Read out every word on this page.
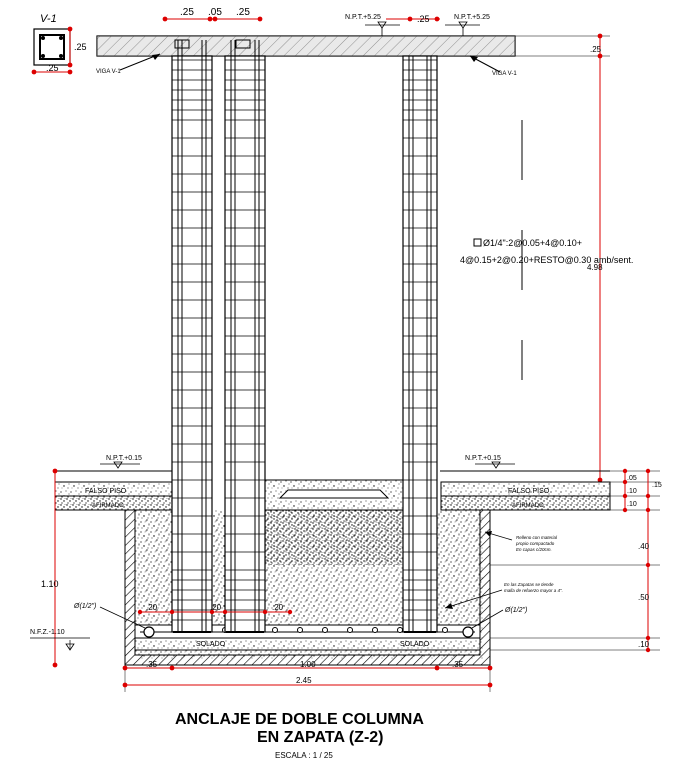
V-1
.25
.25	VIGA V-1	VIGA V-1
.25 .05 .25
.25
N.P.T.+5.25	N.P.T.+5.25
.25
4.98
Ø1/4":2@0.05+4@0.10+
4@0.15+2@0.20+RESTO@0.30 amb/sent.
N.P.T.+0.15
FALSO PISO
AFIRMADO
N.P.T.+0.15
FALSO PISO
AFIRMADO
SOLADO	SOLADO
.20	.20	.20
Ø(1/2")
Ø(1/2")
Relleno con material
propio compactado
En capas c/20cm.
En las Zapatas se tiende
malla de refuerzo mayor a 4".
.05
.10
.10
.15
.40
.50
.10
1.10
N.F.Z.-1.10
.35	1.00	.35
2.45
ANCLAJE DE DOBLE COLUMNA
EN ZAPATA (Z-2)
ESCALA : 1 / 25
